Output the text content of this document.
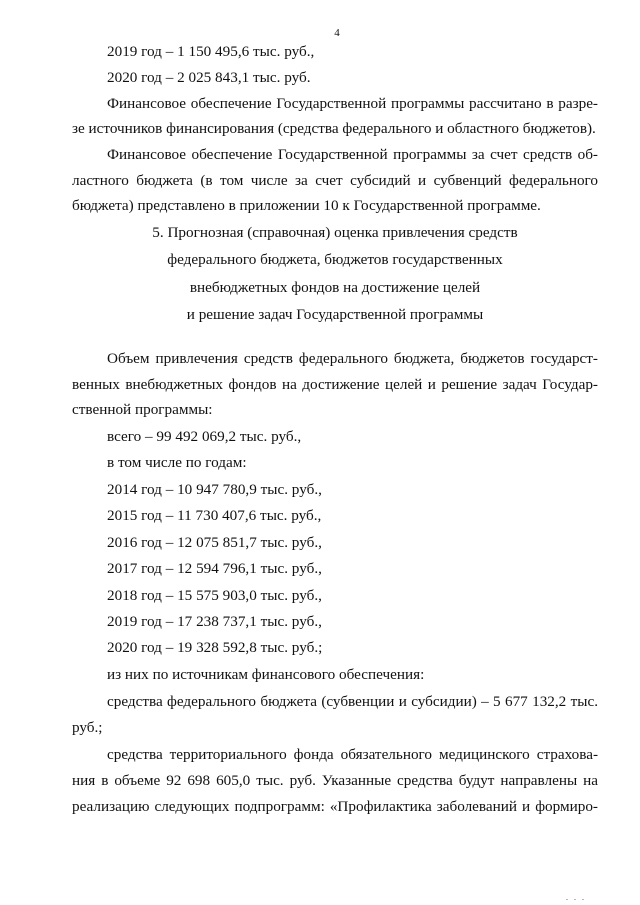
4
2019 год – 1 150 495,6 тыс. руб.,
2020 год – 2 025 843,1 тыс. руб.
Финансовое обеспечение Государственной программы рассчитано в разре-
зе источников финансирования (средства федерального и областного бюджетов).
Финансовое обеспечение Государственной программы за счет средств об-
ластного бюджета (в том числе за счет субсидий и субвенций федерального
бюджета) представлено в приложении 10 к Государственной программе.
5. Прогнозная (справочная) оценка привлечения средств
федерального бюджета, бюджетов государственных
внебюджетных фондов на достижение целей
и решение задач Государственной программы
Объем привлечения средств федерального бюджета, бюджетов государст-
венных внебюджетных фондов на достижение целей и решение задач Государ-
ственной программы:
всего – 99 492 069,2 тыс. руб.,
в том числе по годам:
2014 год – 10 947 780,9 тыс. руб.,
2015 год – 11 730 407,6 тыс. руб.,
2016 год – 12 075 851,7 тыс. руб.,
2017 год – 12 594 796,1 тыс. руб.,
2018 год – 15 575 903,0 тыс. руб.,
2019 год – 17 238 737,1 тыс. руб.,
2020 год – 19 328 592,8 тыс. руб.;
из них по источникам финансового обеспечения:
средства федерального бюджета (субвенции и субсидии) – 5 677 132,2 тыс.
руб.;
средства территориального фонда обязательного медицинского страхова-
ния в объеме 92 698 605,0 тыс. руб. Указанные средства будут направлены на
реализацию следующих подпрограмм: «Профилактика заболеваний и формиро-
. . .
